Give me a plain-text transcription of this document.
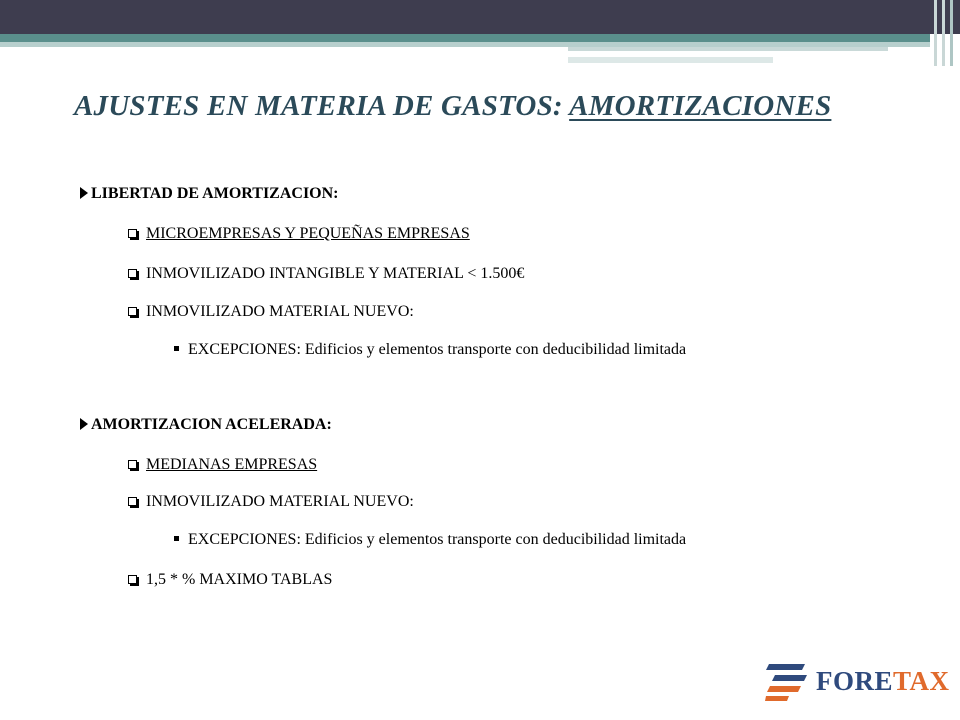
AJUSTES EN MATERIA DE GASTOS: AMORTIZACIONES
LIBERTAD DE AMORTIZACION:
MICROEMPRESAS Y PEQUEÑAS EMPRESAS
INMOVILIZADO INTANGIBLE Y MATERIAL < 1.500€
INMOVILIZADO MATERIAL NUEVO:
EXCEPCIONES: Edificios y elementos transporte con deducibilidad limitada
AMORTIZACION ACELERADA:
MEDIANAS EMPRESAS
INMOVILIZADO MATERIAL NUEVO:
EXCEPCIONES: Edificios y elementos transporte con deducibilidad limitada
1,5 * % MAXIMO TABLAS
FORETAX
